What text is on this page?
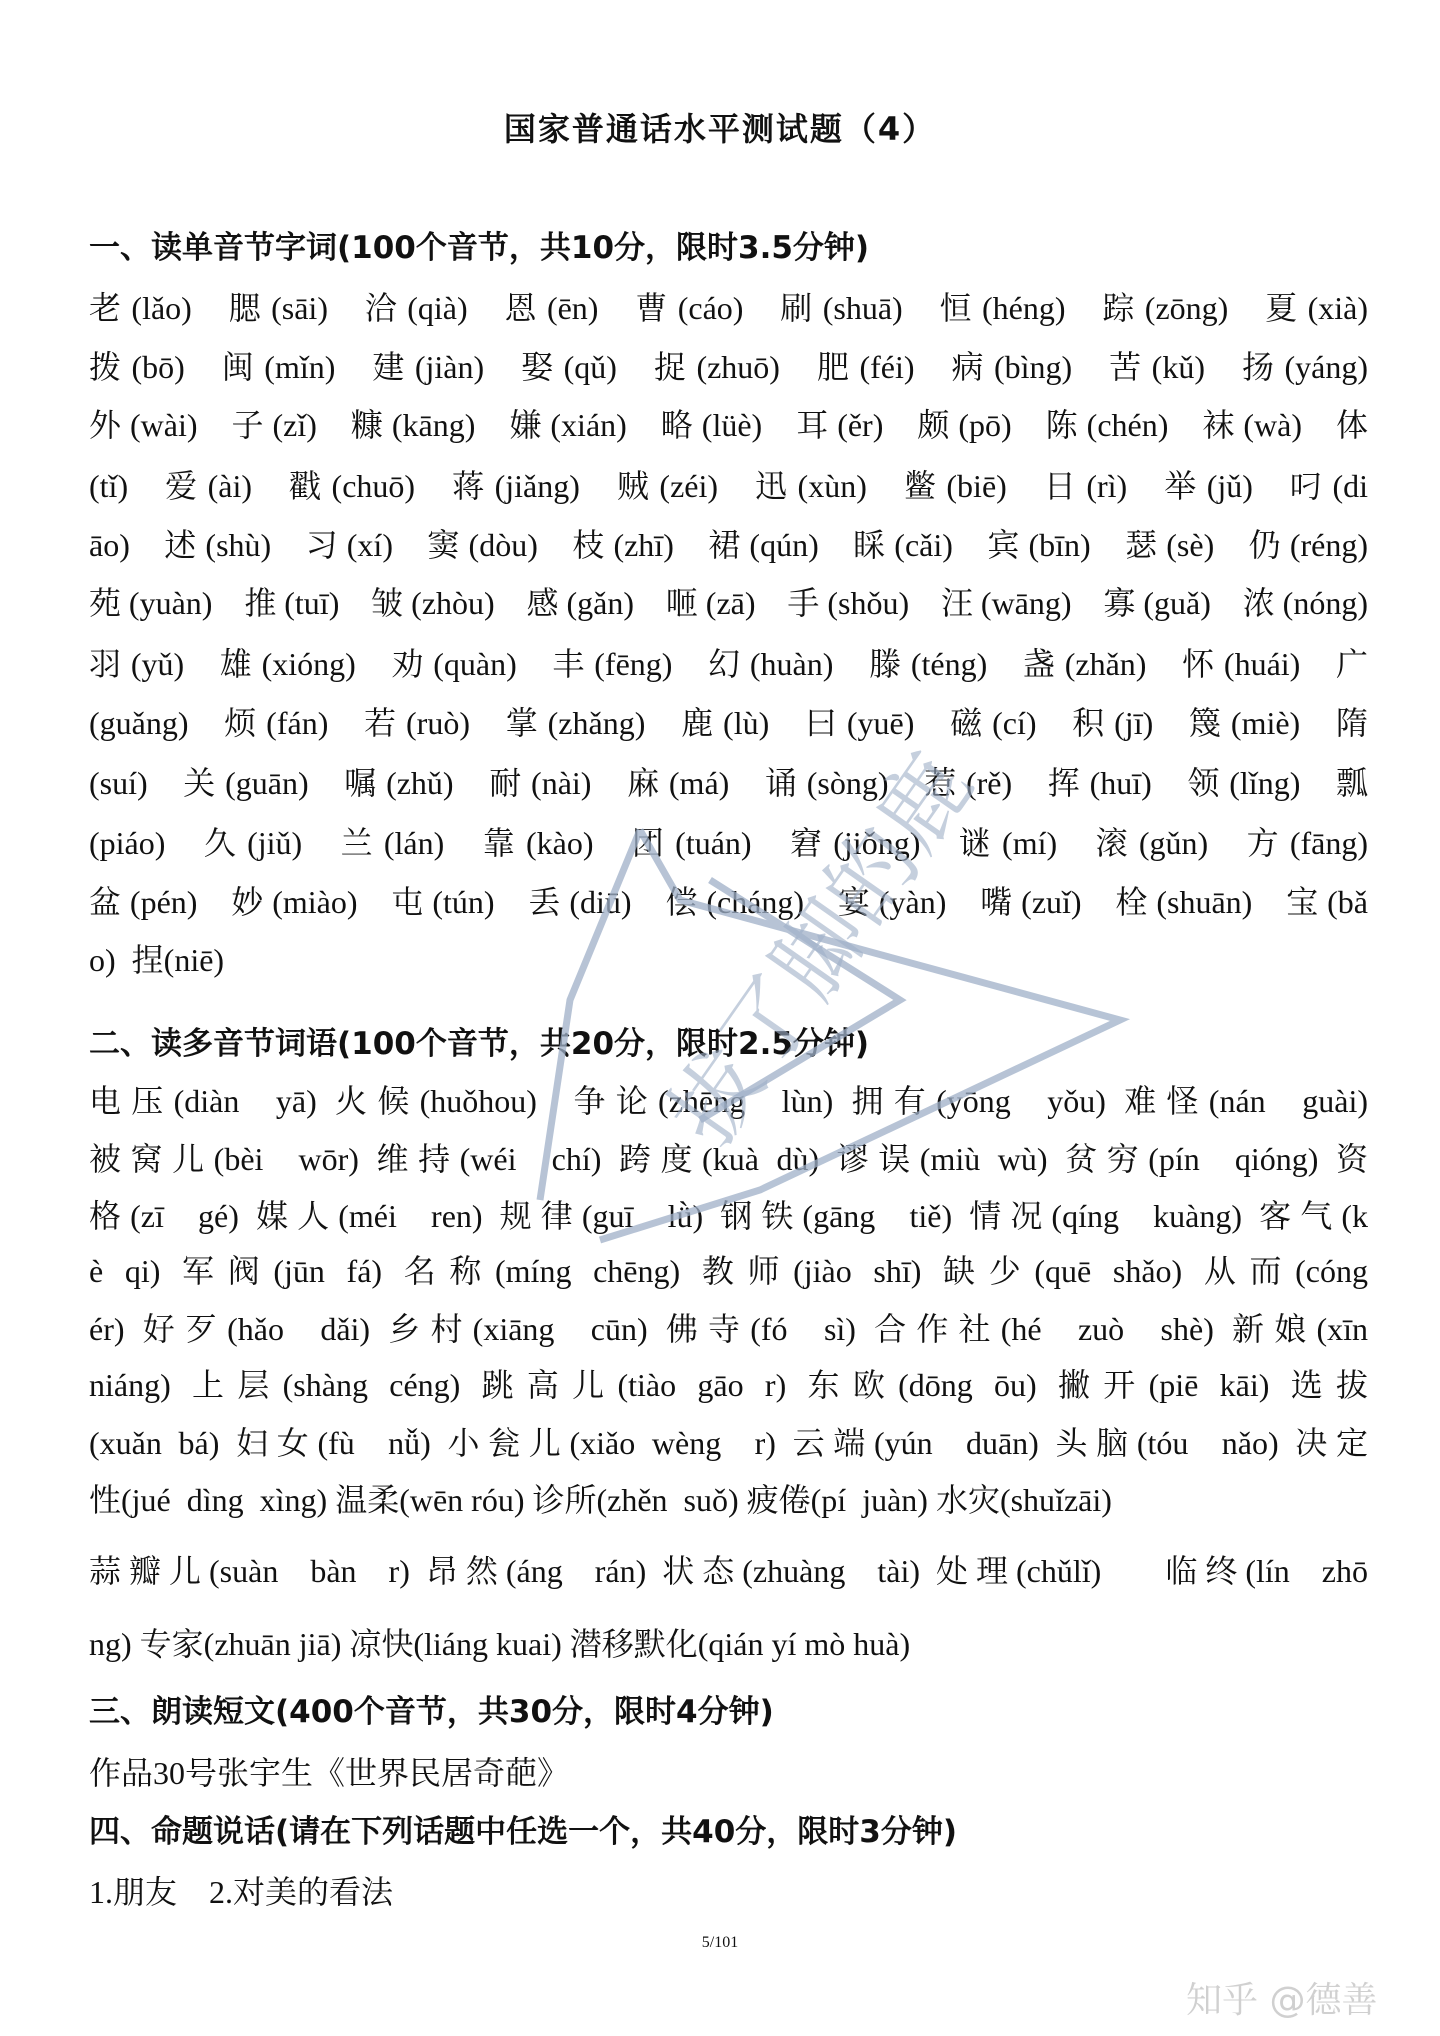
国家普通话水平测试题（4）
一、读单音节字词(100个音节，共10分，限时3.5分钟)
老(lǎo)  腮(sāi)  洽(qià)  恩(ēn)  曹(cáo)  刷(shuā)  恒(héng)  踪(zōng)  夏(xià)
拨(bō)  闽(mǐn)  建(jiàn)  娶(qǔ)  捉(zhuō)  肥(féi)  病(bìng)  苦(kǔ)  扬(yáng)
外(wài)  子(zǐ)  糠(kāng)  嫌(xián)  略(lüè)  耳(ěr)  颇(pō)  陈(chén)  袜(wà)  体
(tǐ)  爱(ài)  戳(chuō)  蒋(jiǎng)  贼(zéi)  迅(xùn)  鳖(biē)  日(rì)  举(jǔ)  叼(di
āo)  述(shù)  习(xí)  窦(dòu)  枝(zhī)  裙(qún)  睬(cǎi)  宾(bīn)  瑟(sè)  仍(réng)
苑(yuàn)  推(tuī)  皱(zhòu)  感(gǎn)  咂(zā)  手(shǒu)  汪(wāng)  寡(guǎ)  浓(nóng)
羽(yǔ)  雄(xióng)  劝(quàn)  丰(fēng)  幻(huàn)  滕(téng)  盏(zhǎn)  怀(huái)  广
(guǎng)  烦(fán)  若(ruò)  掌(zhǎng)  鹿(lù)  曰(yuē)  磁(cí)  积(jī)  篾(miè)  隋
(suí)  关(guān)  嘱(zhǔ)  耐(nài)  麻(má)  诵(sòng)  惹(rě)  挥(huī)  领(lǐng)  瓢
(piáo)  久(jiǔ)  兰(lán)  靠(kào)  团(tuán)  窘(jiǒng)  谜(mí)  滚(gǔn)  方(fāng)
盆(pén)  妙(miào)  屯(tún)  丢(diū)  偿(cháng)  宴(yàn)  嘴(zuǐ)  栓(shuān)  宝(bǎ
o)  捏(niē)
二、读多音节词语(100个音节，共20分，限时2.5分钟)
电压(diàn  yā) 火候(huǒhou)  争论(zhēng  lùn) 拥有(yōng  yǒu) 难怪(nán  guài)
被窝儿(bèi  wōr) 维持(wéi  chí) 跨度(kuà dù) 谬误(miù wù) 贫穷(pín  qióng) 资
格(zī  gé) 媒人(méi  ren) 规律(guī  lǜ) 钢铁(gāng  tiě) 情况(qíng  kuàng) 客气(k
è qi) 军阀(jūn fá) 名称(míng chēng) 教师(jiào shī) 缺少(quē shǎo) 从而(cóng
ér) 好歹(hǎo  dǎi) 乡村(xiāng  cūn) 佛寺(fó  sì) 合作社(hé  zuò  shè) 新娘(xīn
niáng) 上层(shàng céng) 跳高儿(tiào gāo r) 东欧(dōng ōu) 撇开(piē kāi) 选拔
(xuǎn bá) 妇女(fù  nǚ) 小瓮儿(xiǎo wèng  r) 云端(yún  duān) 头脑(tóu  nǎo) 决定
性(jué  dìng  xìng) 温柔(wēn róu) 诊所(zhěn  suǒ) 疲倦(pí  juàn) 水灾(shuǐzāi)
蒜瓣儿(suàn  bàn  r) 昂然(áng  rán) 状态(zhuàng  tài) 处理(chǔlǐ)    临终(lín  zhō
ng) 专家(zhuān jiā) 凉快(liáng kuai) 潜移默化(qián yí mò huà)
三、朗读短文(400个音节，共30分，限时4分钟)
作品30号张宇生《世界民居奇葩》
四、命题说话(请在下列话题中任选一个，共40分，限时3分钟)
1.朋友    2.对美的看法
5/101
拔了脚的鹿
知乎 @德善
